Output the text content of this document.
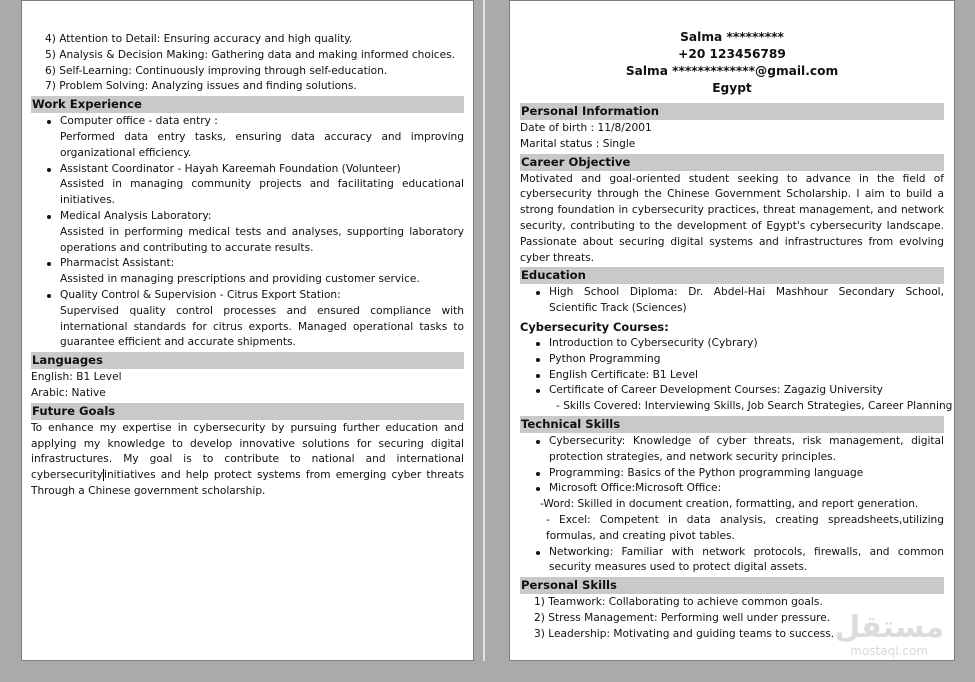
4) Attention to Detail: Ensuring accuracy and high quality.
5) Analysis & Decision Making: Gathering data and making informed choices.
6) Self-Learning: Continuously improving through self-education.
7) Problem Solving: Analyzing issues and finding solutions.
Work Experience
Computer office - data entry :
Performed data entry tasks, ensuring data accuracy and improving organizational efficiency.
Assistant Coordinator - Hayah Kareemah Foundation (Volunteer)
Assisted in managing community projects and facilitating educational initiatives.
Medical Analysis Laboratory:
Assisted in performing medical tests and analyses, supporting laboratory operations and contributing to accurate results.
Pharmacist Assistant:
Assisted in managing prescriptions and providing customer service.
Quality Control & Supervision - Citrus Export Station:
Supervised quality control processes and ensured compliance with international standards for citrus exports. Managed operational tasks to guarantee efficient and accurate shipments.
Languages
English: B1 Level
Arabic: Native
Future Goals
To enhance my expertise in cybersecurity by pursuing further education and applying my knowledge to develop innovative solutions for securing digital infrastructures. My goal is to contribute to national and international cybersecurityinitiatives and help protect systems from emerging cyber threats Through a Chinese government scholarship.
Salma *********
+20 123456789
Salma *************@gmail.com
Egypt
Personal Information
Date of birth : 11/8/2001
Marital status : Single
Career Objective
Motivated and goal-oriented student seeking to advance in the field of cybersecurity through the Chinese Government Scholarship. I aim to build a strong foundation in cybersecurity practices, threat management, and network security, contributing to the development of Egypt's cybersecurity landscape. Passionate about securing digital systems and infrastructures from evolving cyber threats.
Education
High School Diploma: Dr. Abdel-Hai Mashhour Secondary School, Scientific Track (Sciences)
Cybersecurity Courses:
Introduction to Cybersecurity (Cybrary)
Python Programming
English Certificate: B1 Level
Certificate of Career Development Courses: Zagazig University
- Skills Covered: Interviewing Skills, Job Search Strategies, Career Planning
Technical Skills
Cybersecurity: Knowledge of cyber threats, risk management, digital protection strategies, and network security principles.
Programming: Basics of the Python programming language
Microsoft Office:Microsoft Office:
-Word: Skilled in document creation, formatting, and report generation.
- Excel: Competent in data analysis, creating spreadsheets,utilizing formulas, and creating pivot tables.
Networking: Familiar with network protocols, firewalls, and common security measures used to protect digital assets.
Personal Skills
1) Teamwork: Collaborating to achieve common goals.
2) Stress Management: Performing well under pressure.
3) Leadership: Motivating and guiding teams to success. مستقل
mostaql.com
